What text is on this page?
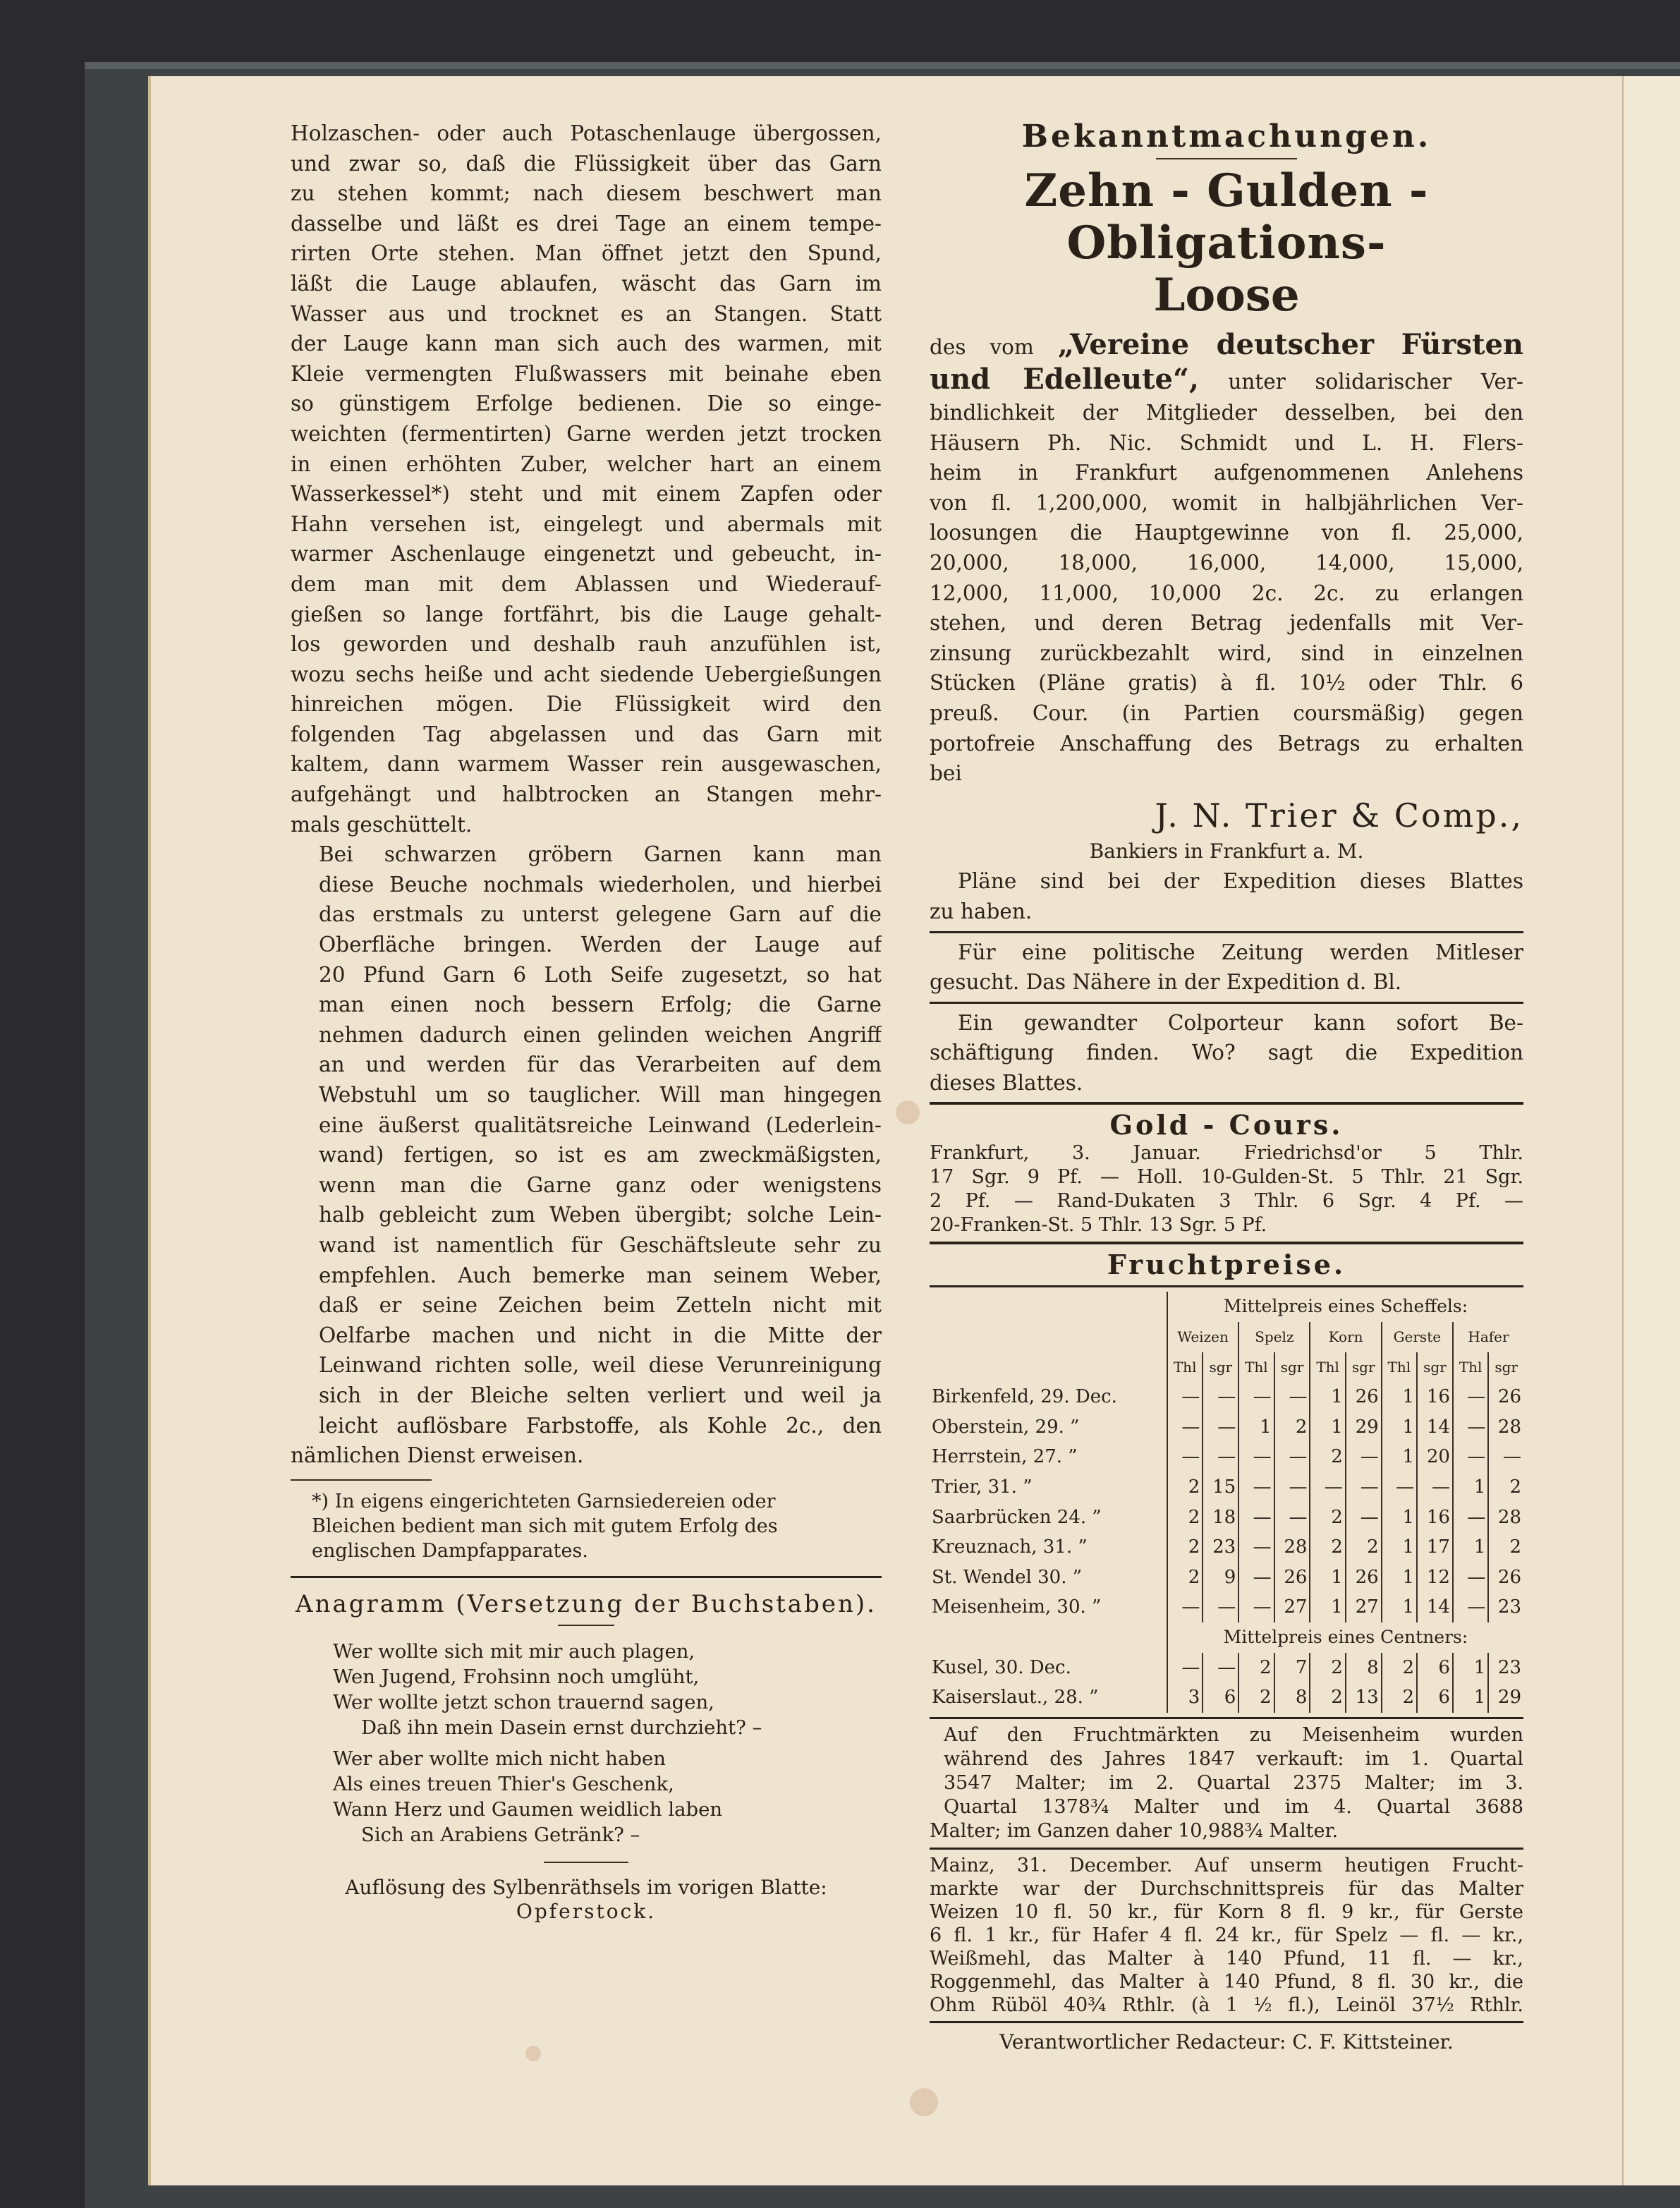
Holzaschen- oder auch Potaschenlauge übergossen,

und zwar so, daß die Flüssigkeit über das Garn

zu stehen kommt; nach diesem beschwert man

dasselbe und läßt es drei Tage an einem tempe-

rirten Orte stehen. Man öffnet jetzt den Spund,

läßt die Lauge ablaufen, wäscht das Garn im

Wasser aus und trocknet es an Stangen. Statt

der Lauge kann man sich auch des warmen, mit

Kleie vermengten Flußwassers mit beinahe eben

so günstigem Erfolge bedienen. Die so einge-

weichten (fermentirten) Garne werden jetzt trocken

in einen erhöhten Zuber, welcher hart an einem

Wasserkessel*) steht und mit einem Zapfen oder

Hahn versehen ist, eingelegt und abermals mit

warmer Aschenlauge eingenetzt und gebeucht, in-

dem man mit dem Ablassen und Wiederauf-

gießen so lange fortfährt, bis die Lauge gehalt-

los geworden und deshalb rauh anzufühlen ist,

wozu sechs heiße und acht siedende Uebergießungen

hinreichen mögen. Die Flüssigkeit wird den

folgenden Tag abgelassen und das Garn mit

kaltem, dann warmem Wasser rein ausgewaschen,

aufgehängt und halbtrocken an Stangen mehr-

mals geschüttelt.

Bei schwarzen gröbern Garnen kann man

diese Beuche nochmals wiederholen, und hierbei

das erstmals zu unterst gelegene Garn auf die

Oberfläche bringen. Werden der Lauge auf

20 Pfund Garn 6 Loth Seife zugesetzt, so hat

man einen noch bessern Erfolg; die Garne

nehmen dadurch einen gelinden weichen Angriff

an und werden für das Verarbeiten auf dem

Webstuhl um so tauglicher. Will man hingegen

eine äußerst qualitätsreiche Leinwand (Lederlein-

wand) fertigen, so ist es am zweckmäßigsten,

wenn man die Garne ganz oder wenigstens

halb gebleicht zum Weben übergibt; solche Lein-

wand ist namentlich für Geschäftsleute sehr zu

empfehlen. Auch bemerke man seinem Weber,

daß er seine Zeichen beim Zetteln nicht mit

Oelfarbe machen und nicht in die Mitte der

Leinwand richten solle, weil diese Verunreinigung

sich in der Bleiche selten verliert und weil ja

leicht auflösbare Farbstoffe, als Kohle 2c., den

nämlichen Dienst erweisen.

*) In eigens eingerichteten Garnsiedereien oder

Bleichen bedient man sich mit gutem Erfolg des

englischen Dampfapparates.

Anagramm (Versetzung der Buchstaben).

Wer wollte sich mit mir auch plagen,

Wen Jugend, Frohsinn noch umglüht,

Wer wollte jetzt schon trauernd sagen,

Daß ihn mein Dasein ernst durchzieht? –

Wer aber wollte mich nicht haben

Als eines treuen Thier's Geschenk,

Wann Herz und Gaumen weidlich laben

Sich an Arabiens Getränk? –

Auflösung des Sylbenräthsels im vorigen Blatte:

Opferstock.

Bekanntmachungen.

Zehn - Gulden - Obligations-

Loose

des vom „Vereine deutscher Fürsten

und Edelleute“, unter solidarischer Ver-

bindlichkeit der Mitglieder desselben, bei den

Häusern Ph. Nic. Schmidt und L. H. Flers-

heim in Frankfurt aufgenommenen Anlehens

von fl. 1,200,000, womit in halbjährlichen Ver-

loosungen die Hauptgewinne von fl. 25,000,

20,000, 18,000, 16,000, 14,000, 15,000,

12,000, 11,000, 10,000 2c. 2c. zu erlangen

stehen, und deren Betrag jedenfalls mit Ver-

zinsung zurückbezahlt wird, sind in einzelnen

Stücken (Pläne gratis) à fl. 10½ oder Thlr. 6

preuß. Cour. (in Partien coursmäßig) gegen

portofreie Anschaffung des Betrags zu erhalten

bei

J. N. Trier & Comp.,

Bankiers in Frankfurt a. M.

Pläne sind bei der Expedition dieses Blattes

zu haben.

Für eine politische Zeitung werden Mitleser

gesucht. Das Nähere in der Expedition d. Bl.

Ein gewandter Colporteur kann sofort Be-

schäftigung finden. Wo? sagt die Expedition

dieses Blattes.

Gold - Cours.

Frankfurt, 3. Januar. Friedrichsd'or 5 Thlr.

17 Sgr. 9 Pf. — Holl. 10-Gulden-St. 5 Thlr. 21 Sgr.

2 Pf. — Rand-Dukaten 3 Thlr. 6 Sgr. 4 Pf. —

20-Franken-St. 5 Thlr. 13 Sgr. 5 Pf.

Fruchtpreise.

	Mittelpreis eines Scheffels:									
	Weizen		Spelz		Korn		Gerste		Hafer	
	Thl	sgr	Thl	sgr	Thl	sgr	Thl	sgr	Thl	sgr
Birkenfeld, 29. Dec.	—	—	—	—	1	26	1	16	—	26
Oberstein, 29. ”	—	—	1	2	1	29	1	14	—	28
Herrstein, 27. ”	—	—	—	—	2	—	1	20	—	—
Trier, 31. ”	2	15	—	—	—	—	—	—	1	2
Saarbrücken 24. ”	2	18	—	—	2	—	1	16	—	28
Kreuznach, 31. ”	2	23	—	28	2	2	1	17	1	2
St. Wendel 30. ”	2	9	—	26	1	26	1	12	—	26
Meisenheim, 30. ”	—	—	—	27	1	27	1	14	—	23
	Mittelpreis eines Centners:									
Kusel, 30. Dec.	—	—	2	7	2	8	2	6	1	23
Kaiserslaut., 28. ”	3	6	2	8	2	13	2	6	1	29

Auf den Fruchtmärkten zu Meisenheim wurden

während des Jahres 1847 verkauft: im 1. Quartal

3547 Malter; im 2. Quartal 2375 Malter; im 3.

Quartal 1378¾ Malter und im 4. Quartal 3688

Malter; im Ganzen daher 10,988¾ Malter.

Mainz, 31. December. Auf unserm heutigen Frucht-

markte war der Durchschnittspreis für das Malter

Weizen 10 fl. 50 kr., für Korn 8 fl. 9 kr., für Gerste

6 fl. 1 kr., für Hafer 4 fl. 24 kr., für Spelz — fl. — kr.,

Weißmehl, das Malter à 140 Pfund, 11 fl. — kr.,

Roggenmehl, das Malter à 140 Pfund, 8 fl. 30 kr., die

Ohm Rüböl 40¾ Rthlr. (à 1 ½ fl.), Leinöl 37½ Rthlr.

Verantwortlicher Redacteur: C. F. Kittsteiner.
